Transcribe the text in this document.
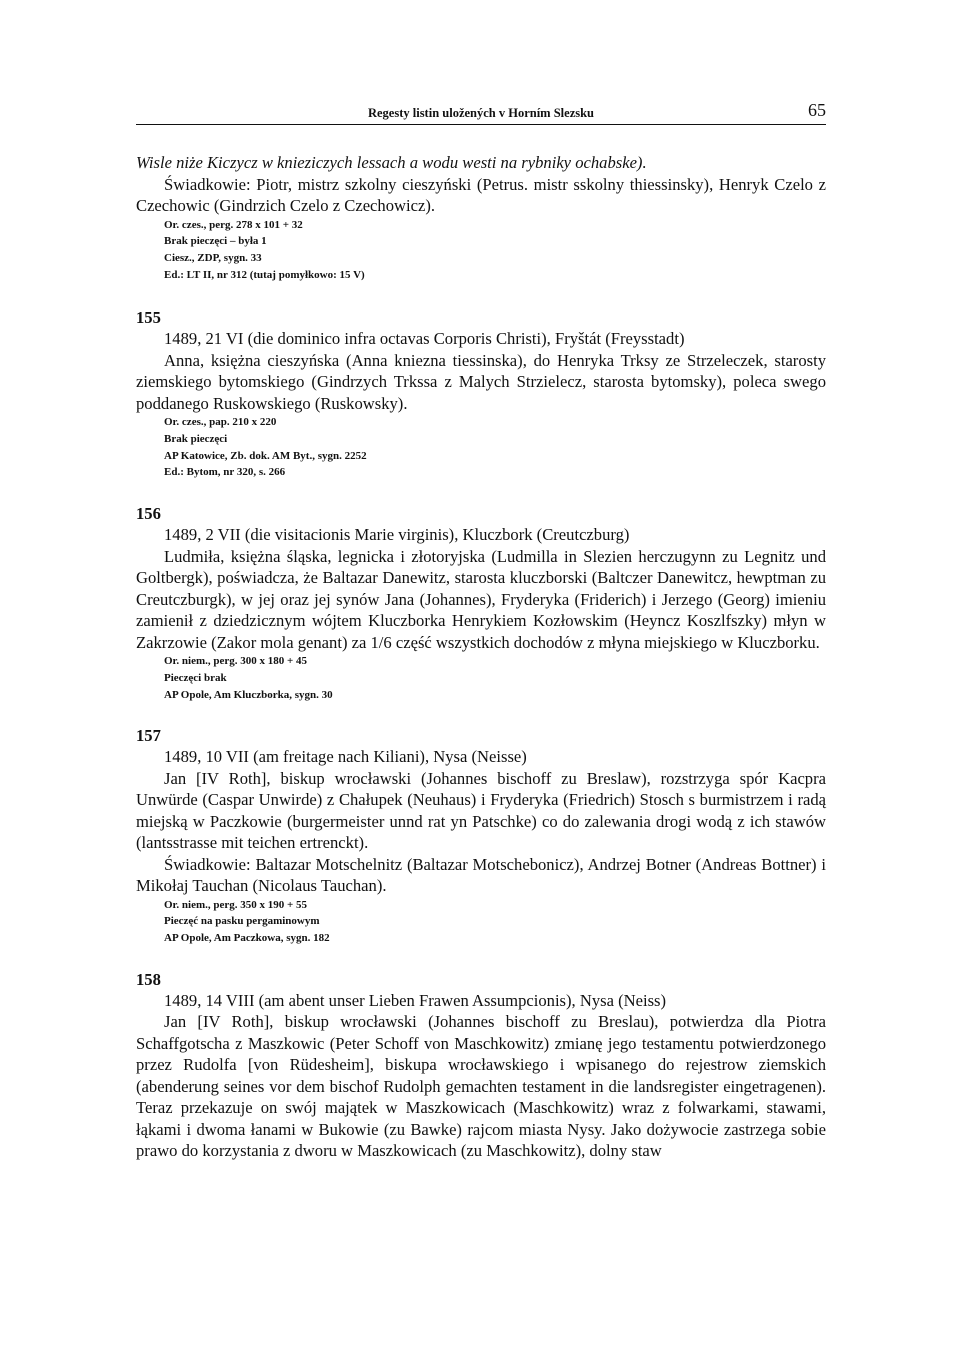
Regesty listin uložených v Horním Slezsku	65

Wisle niże Kiczycz w knieziczych lessach a wodu westi na rybniky ochabske).

Świadkowie: Piotr, mistrz szkolny cieszyński (Petrus. mistr sskolny thiessinsky), Henryk Czelo z Czechowic (Gindrzich Czelo z Czechowicz).

Or. czes., perg. 278 x 101 + 32

Brak pieczęci – była 1

Ciesz., ZDP, sygn. 33

Ed.: LT II, nr 312 (tutaj pomyłkowo: 15 V)

155

1489, 21 VI (die dominico infra octavas Corporis Christi), Fryštát (Freysstadt)

Anna, księżna cieszyńska (Anna kniezna tiessinska), do Henryka Trksy ze Strzeleczek, starosty ziemskiego bytomskiego (Gindrzych Trkssa z Malych Strzielecz, starosta bytomsky), poleca swego poddanego Ruskowskiego (Ruskowsky).

Or. czes., pap. 210 x 220

Brak pieczęci

AP Katowice, Zb. dok. AM Byt., sygn. 2252

Ed.: Bytom, nr 320, s. 266

156

1489, 2 VII (die visitacionis Marie virginis), Kluczbork (Creutczburg)

Ludmiła, księżna śląska, legnicka i złotoryjska (Ludmilla in Slezien herczugynn zu Legnitz und Goltbergk), poświadcza, że Baltazar Danewitz, starosta kluczborski (Baltczer Danewitcz, hewptman zu Creutczburgk), w jej oraz jej synów Jana (Johannes), Fryderyka (Friderich) i Jerzego (Georg) imieniu zamienił z dziedzicznym wójtem Kluczborka Henrykiem Kozłowskim (Heyncz Koszlfszky) młyn w Zakrzowie (Zakor mola genant) za 1/6 część wszystkich dochodów z młyna miejskiego w Kluczborku.

Or. niem., perg. 300 x 180 + 45

Pieczęci brak

AP Opole, Am Kluczborka, sygn. 30

157

1489, 10 VII (am freitage nach Kiliani), Nysa (Neisse)

Jan [IV Roth], biskup wrocławski (Johannes bischoff zu Breslaw), rozstrzyga spór Kacpra Unwürde (Caspar Unwirde) z Chałupek (Neuhaus) i Fryderyka (Friedrich) Stosch s burmistrzem i radą miejską w Paczkowie (burgermeister unnd rat yn Patschke) co do zalewania drogi wodą z ich stawów (lantsstrasse mit teichen ertrenckt).

Świadkowie: Baltazar Motschelnitz (Baltazar Motschebonicz), Andrzej Botner (Andreas Bottner) i Mikołaj Tauchan (Nicolaus Tauchan).

Or. niem., perg. 350 x 190 + 55

Pieczęć na pasku pergaminowym

AP Opole, Am Paczkowa, sygn. 182

158

1489, 14 VIII (am abent unser Lieben Frawen Assumpcionis), Nysa (Neiss)

Jan [IV Roth], biskup wrocławski (Johannes bischoff zu Breslau), potwierdza dla Piotra Schaffgotscha z Maszkowic (Peter Schoff von Maschkowitz) zmianę jego testamentu potwierdzonego przez Rudolfa [von Rüdesheim], biskupa wrocławskiego i wpisanego do rejestrow ziemskich (abenderung seines vor dem bischof Rudolph gemachten testament in die landsregister eingetragenen). Teraz przekazuje on swój majątek w Maszkowicach (Maschkowitz) wraz z folwarkami, stawami, łąkami i dwoma łanami w Bukowie (zu Bawke) rajcom miasta Nysy. Jako dożywocie zastrzega sobie prawo do korzystania z dworu w Maszkowicach (zu Maschkowitz), dolny staw
